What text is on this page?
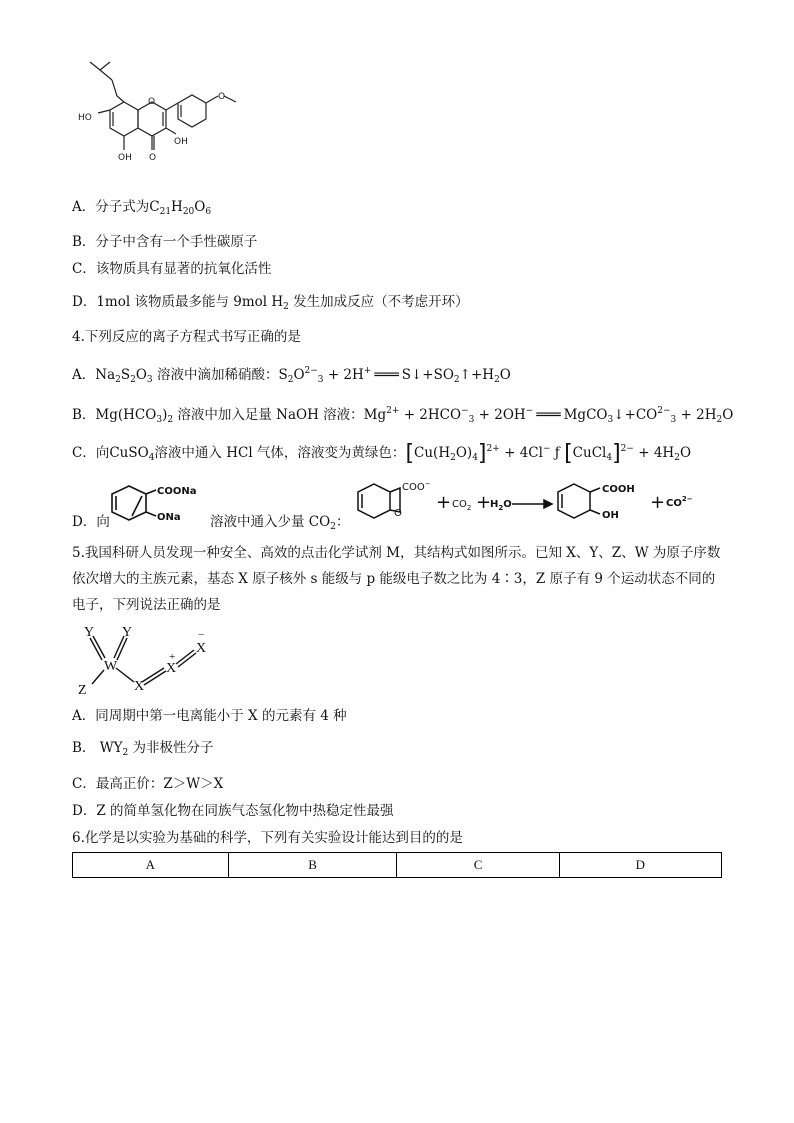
HO
OH
OH
O
O
O
A．分子式为$C_{21}H_{20}O_6$
B．分子中含有一个手性碳原子
C．该物质具有显著的抗氧化活性
D．1mol 该物质最多能与 9mol $H_2$ 发生加成反应（不考虑开环）
4.下列反应的离子方程式书写正确的是
A．$Na_2S_2O_3$ 溶液中滴加稀硝酸：$S_2O^{2-}_3 + 2H^+$ ═══ $S↓+SO_2↑+H_2O$
B．$Mg(HCO_3)_2$ 溶液中加入足量 NaOH 溶液：$Mg^{2+} + 2HCO^-_3 + 2OH^-$ ═══ $MgCO_3↓+CO^{2-}_3 + 2H_2O$
C．向CuSO$_4$溶液中通入 HCl 气体，溶液变为黄绿色：$[Cu(H_2O)_4]^{2+} + 4Cl^-$ ƒ [CuCl$_4$]$^{2-}$ + $4H_2O$
D．向
COONa
ONa 溶液中通入少量 $CO_2$：
COO−
O
+ $CO_2$ +
$H_2O$
COOH
OH
+ $CO^{2-}$
5.我国科研人员发现一种安全、高效的点击化学试剂 M，其结构式如图所示。已知 X、Y、Z、W 为原子序数依次增大的主族元素，基态 X 原子核外 s 能级与 p 能级电子数之比为 4∶3，Z 原子有 9 个运动状态不同的电子，下列说法正确的是
Y Y
W
Z	X
X
+
X
−
A．同周期中第一电离能小于 X 的元素有 4 种
B． $WY_2$ 为非极性分子
C．最高正价：Z＞W＞X
D．Z 的简单氢化物在同族气态氢化物中热稳定性最强
6.化学是以实验为基础的科学，下列有关实验设计能达到目的的是
A	B	C	D
